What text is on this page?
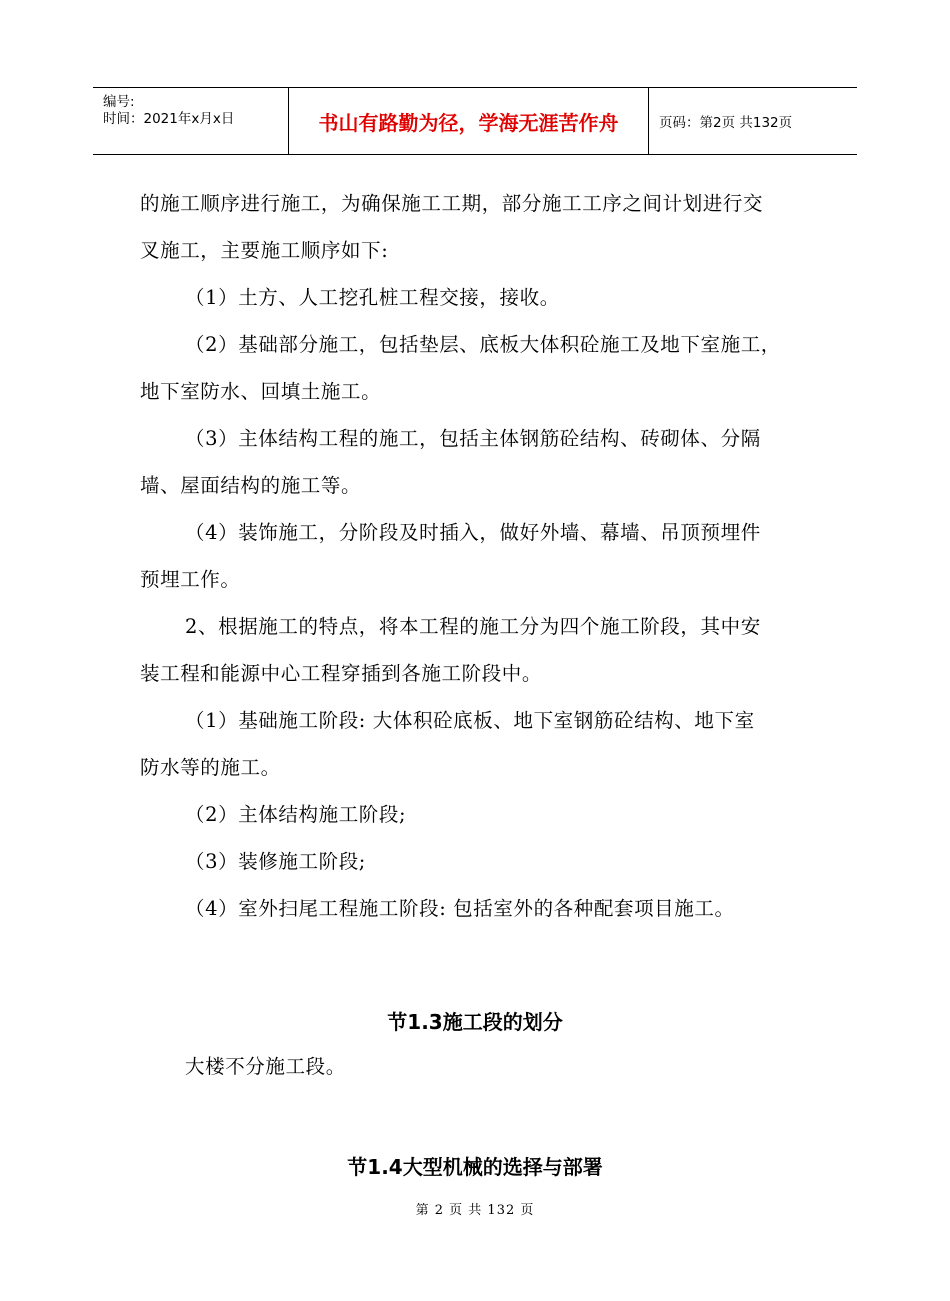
编号:
时间：2021年x月x日	书山有路勤为径，学海无涯苦作舟	页码：第2页 共132页
的施工顺序进行施工，为确保施工工期，部分施工工序之间计划进行交
叉施工，主要施工顺序如下:
（1）土方、人工挖孔桩工程交接，接收。
（2）基础部分施工，包括垫层、底板大体积砼施工及地下室施工，
地下室防水、回填土施工。
（3）主体结构工程的施工，包括主体钢筋砼结构、砖砌体、分隔
墙、屋面结构的施工等。
（4）装饰施工，分阶段及时插入，做好外墙、幕墙、吊顶预埋件
预埋工作。
2、根据施工的特点，将本工程的施工分为四个施工阶段，其中安
装工程和能源中心工程穿插到各施工阶段中。
（1）基础施工阶段: 大体积砼底板、地下室钢筋砼结构、地下室
防水等的施工。
（2）主体结构施工阶段;
（3）装修施工阶段;
（4）室外扫尾工程施工阶段: 包括室外的各种配套项目施工。
节1.3施工段的划分
大楼不分施工段。
节1.4大型机械的选择与部署
第 2 页 共 132 页
